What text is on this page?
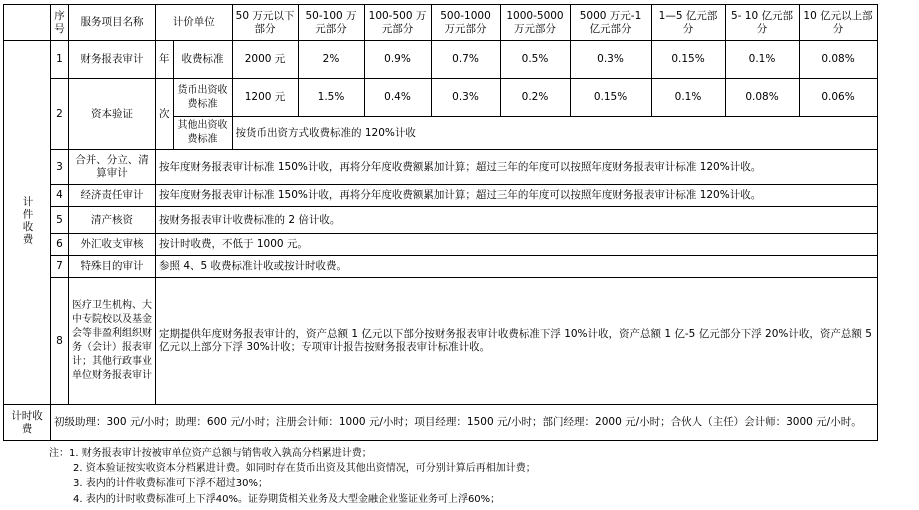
	序号	服务项目名称	计价单位		50 万元以下部分	50-100 万元部分	100-500 万元部分	500-1000 万元部分	1000-5000 万元部分	5000 万元-1 亿元部分	1—5 亿元部分	5- 10 亿元部分	10 亿元以上部分
计件收费	1	财务报表审计	年	收费标准	2000 元	2%	0.9%	0.7%	0.5%	0.3%	0.15%	0.1%	0.08%
	2	资本验证	次	货币出资收费标准	1200 元	1.5%	0.4%	0.3%	0.2%	0.15%	0.1%	0.08%	0.06%
				其他出资收费标准	按货币出资方式收费标准的 120%计收								
	3	合并、分立、清算审计	按年度财务报表审计标准 150%计收，再将分年度收费额累加计算；超过三年的年度可以按照年度财务报表审计标准 120%计收。										
	4	经济责任审计	按年度财务报表审计标准 150%计收，再将分年度收费额累加计算；超过三年的年度可以按照年度财务报表审计标准 120%计收。										
	5	清产核资	按财务报表审计收费标准的 2 倍计收。										
	6	外汇收支审核	按计时收费，不低于 1000 元。										
	7	特殊目的审计	参照 4、5 收费标准计收或按计时收费。										
	8	医疗卫生机构、大中专院校以及基金会等非盈利组织财务（会计）报表审计；其他行政事业单位财务报表审计	定期提供年度财务报表审计的，资产总额 1 亿元以下部分按财务报表审计收费标准下浮 10%计收，资产总额 1 亿-5 亿元部分下浮 20%计收，资产总额 5 亿元以上部分下浮 30%计收；专项审计报告按财务报表审计标准计收。										
计时收费	初级助理：300 元/小时；助理：600 元/小时；注册会计师：1000 元/小时；项目经理：1500 元/小时；部门经理：2000 元/小时；合伙人（主任）会计师：3000 元/小时。												
注：1. 财务报表审计按被审单位资产总额与销售收入孰高分档累进计费；
2. 资本验证按实收资本分档累进计费。如同时存在货币出资及其他出资情况，可分别计算后再相加计费；
3. 表内的计件收费标准可下浮不超过30%；
4. 表内的计时收费标准可上下浮40%。证券期货相关业务及大型金融企业鉴证业务可上浮60%；
